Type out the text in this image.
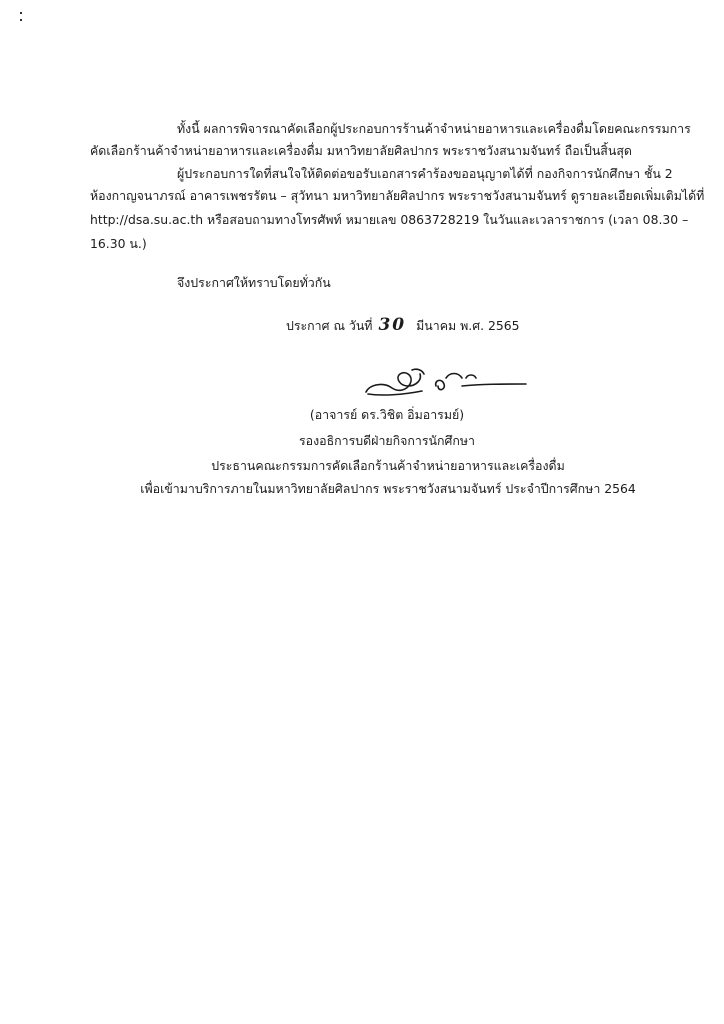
ทั้งนี้ ผลการพิจารณาคัดเลือกผู้ประกอบการร้านค้าจำหน่ายอาหารและเครื่องดื่มโดยคณะกรรมการ
คัดเลือกร้านค้าจำหน่ายอาหารและเครื่องดื่ม มหาวิทยาลัยศิลปากร พระราชวังสนามจันทร์ ถือเป็นสิ้นสุด
ผู้ประกอบการใดที่สนใจให้ติดต่อขอรับเอกสารคำร้องขออนุญาตได้ที่ กองกิจการนักศึกษา ชั้น 2
ห้องกาญจนาภรณ์ อาคารเพชรรัตน – สุวัทนา มหาวิทยาลัยศิลปากร พระราชวังสนามจันทร์ ดูรายละเอียดเพิ่มเติมได้ที่
http://dsa.su.ac.th หรือสอบถามทางโทรศัพท์ หมายเลข 0863728219 ในวันและเวลาราชการ (เวลา 08.30 –
16.30 น.)
จึงประกาศให้ทราบโดยทั่วกัน
ประกาศ ณ วันที่ 30 มีนาคม พ.ศ. 2565
(อาจารย์ ดร.วิชิต อิ่มอารมย์)
รองอธิการบดีฝ่ายกิจการนักศึกษา
ประธานคณะกรรมการคัดเลือกร้านค้าจำหน่ายอาหารและเครื่องดื่ม
เพื่อเข้ามาบริการภายในมหาวิทยาลัยศิลปากร พระราชวังสนามจันทร์ ประจำปีการศึกษา 2564
